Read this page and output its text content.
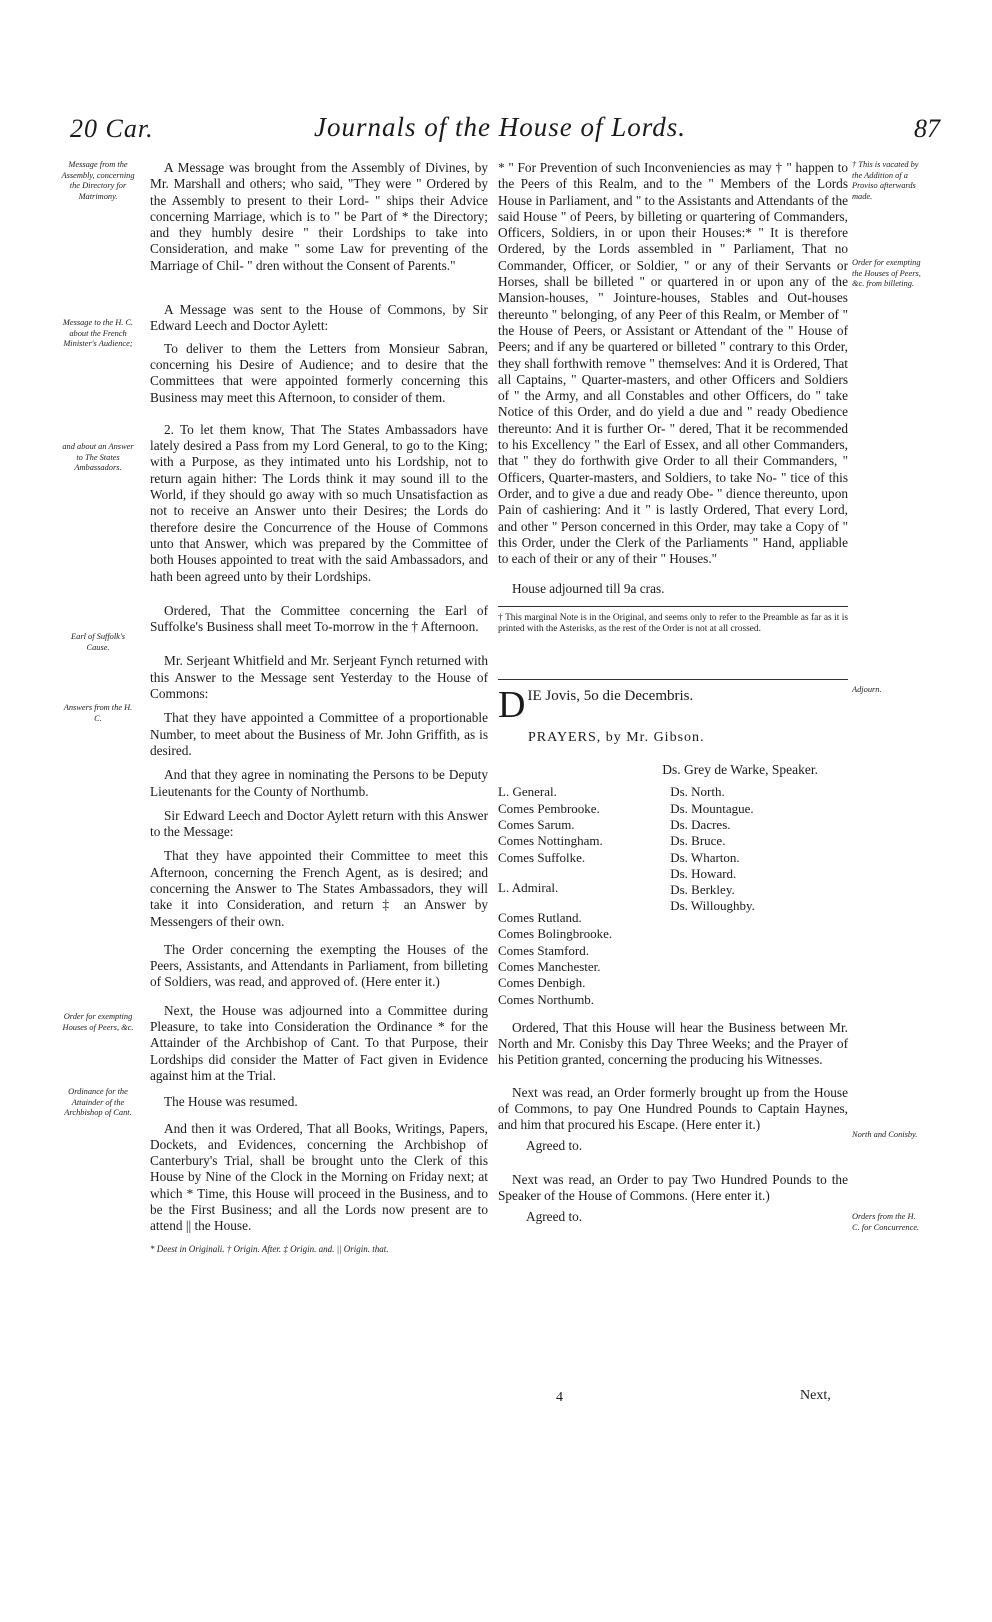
20 Car.	Journals of the House of Lords.	87
Message from the Assembly, concerning the Directory for Matrimony.
Message to the H. C. about the French Minister's Audience;
and about an Answer to The States Ambassadors.
Earl of Suffolk's Cause.
Answers from the H. C.
Order for exempting Houses of Peers, &c.
Ordinance for the Attainder of the Archbishop of Cant.
† This is vacated by the Addition of a Proviso afterwards made.
Order for exempting the Houses of Peers, &c. from billeting.
Adjourn.
North and Conisby.
Orders from the H. C. for Concurrence.

A Message was brought from the Assembly of Divines, by Mr. Marshall and others; who said, "They were " Ordered by the Assembly to present to their Lord- " ships their Advice concerning Marriage, which is to " be Part of * the Directory; and they humbly desire " their Lordships to take into Consideration, and make " some Law for preventing of the Marriage of Chil- " dren without the Consent of Parents."

A Message was sent to the House of Commons, by Sir Edward Leech and Doctor Aylett:

To deliver to them the Letters from Monsieur Sabran, concerning his Desire of Audience; and to desire that the Committees that were appointed formerly concerning this Business may meet this Afternoon, to consider of them.

2. To let them know, That The States Ambassadors have lately desired a Pass from my Lord General, to go to the King; with a Purpose, as they intimated unto his Lordship, not to return again hither: The Lords think it may sound ill to the World, if they should go away with so much Unsatisfaction as not to receive an Answer unto their Desires; the Lords do therefore desire the Concurrence of the House of Commons unto that Answer, which was prepared by the Committee of both Houses appointed to treat with the said Ambassadors, and hath been agreed unto by their Lordships.

Ordered, That the Committee concerning the Earl of Suffolke's Business shall meet To-morrow in the † Afternoon.

Mr. Serjeant Whitfield and Mr. Serjeant Fynch returned with this Answer to the Message sent Yesterday to the House of Commons:

That they have appointed a Committee of a proportionable Number, to meet about the Business of Mr. John Griffith, as is desired.

And that they agree in nominating the Persons to be Deputy Lieutenants for the County of Northumb.

Sir Edward Leech and Doctor Aylett return with this Answer to the Message:

That they have appointed their Committee to meet this Afternoon, concerning the French Agent, as is desired; and concerning the Answer to The States Ambassadors, they will take it into Consideration, and return ‡ an Answer by Messengers of their own.

The Order concerning the exempting the Houses of the Peers, Assistants, and Attendants in Parliament, from billeting of Soldiers, was read, and approved of. (Here enter it.)

Next, the House was adjourned into a Committee during Pleasure, to take into Consideration the Ordinance * for the Attainder of the Archbishop of Cant. To that Purpose, their Lordships did consider the Matter of Fact given in Evidence against him at the Trial.

The House was resumed.

And then it was Ordered, That all Books, Writings, Papers, Dockets, and Evidences, concerning the Archbishop of Canterbury's Trial, shall be brought unto the Clerk of this House by Nine of the Clock in the Morning on Friday next; at which * Time, this House will proceed in the Business, and to be the First Business; and all the Lords now present are to attend || the House.

* Deest in Originali. † Origin. After. ‡ Origin. and. || Origin. that.

* " For Prevention of such Inconveniencies as may † " happen to the Peers of this Realm, and to the " Members of the Lords House in Parliament, and " to the Assistants and Attendants of the said House " of Peers, by billeting or quartering of Commanders, Officers, Soldiers, in or upon their Houses:* " It is therefore Ordered, by the Lords assembled in " Parliament, That no Commander, Officer, or Soldier, " or any of their Servants or Horses, shall be billeted " or quartered in or upon any of the Mansion-houses, " Jointure-houses, Stables and Out-houses thereunto " belonging, of any Peer of this Realm, or Member of " the House of Peers, or Assistant or Attendant of the " House of Peers; and if any be quartered or billeted " contrary to this Order, they shall forthwith remove " themselves: And it is Ordered, That all Captains, " Quarter-masters, and other Officers and Soldiers of " the Army, and all Constables and other Officers, do " take Notice of this Order, and do yield a due and " ready Obedience thereunto: And it is further Or- " dered, That it be recommended to his Excellency " the Earl of Essex, and all other Commanders, that " they do forthwith give Order to all their Commanders, " Officers, Quarter-masters, and Soldiers, to take No- " tice of this Order, and to give a due and ready Obe- " dience thereunto, upon Pain of cashiering: And it " is lastly Ordered, That every Lord, and other " Person concerned in this Order, may take a Copy of " this Order, under the Clerk of the Parliaments " Hand, appliable to each of their or any of their " Houses."

House adjourned till 9a cras.

† This marginal Note is in the Original, and seems only to refer to the Preamble as far as it is printed with the Asterisks, as the rest of the Order is not at all crossed.
D IE Jovis, 5o die Decembris.
PRAYERS, by Mr. Gibson.
Ds. Grey de Warke, Speaker.
L. General.
Comes Pembrooke.
Comes Sarum.
Comes Nottingham.
Comes Suffolke.
L. Admiral.
Comes Rutland.
Comes Bolingbrooke.
Comes Stamford.
Comes Manchester.
Comes Denbigh.
Comes Northumb.
Ds. North.
Ds. Mountague.
Ds. Dacres.
Ds. Bruce.
Ds. Wharton.
Ds. Howard.
Ds. Berkley.
Ds. Willoughby.

Ordered, That this House will hear the Business between Mr. North and Mr. Conisby this Day Three Weeks; and the Prayer of his Petition granted, concerning the producing his Witnesses.

Next was read, an Order formerly brought up from the House of Commons, to pay One Hundred Pounds to Captain Haynes, and him that procured his Escape. (Here enter it.)

Agreed to.

Next was read, an Order to pay Two Hundred Pounds to the Speaker of the House of Commons. (Here enter it.)

Agreed to.

4	Next,
